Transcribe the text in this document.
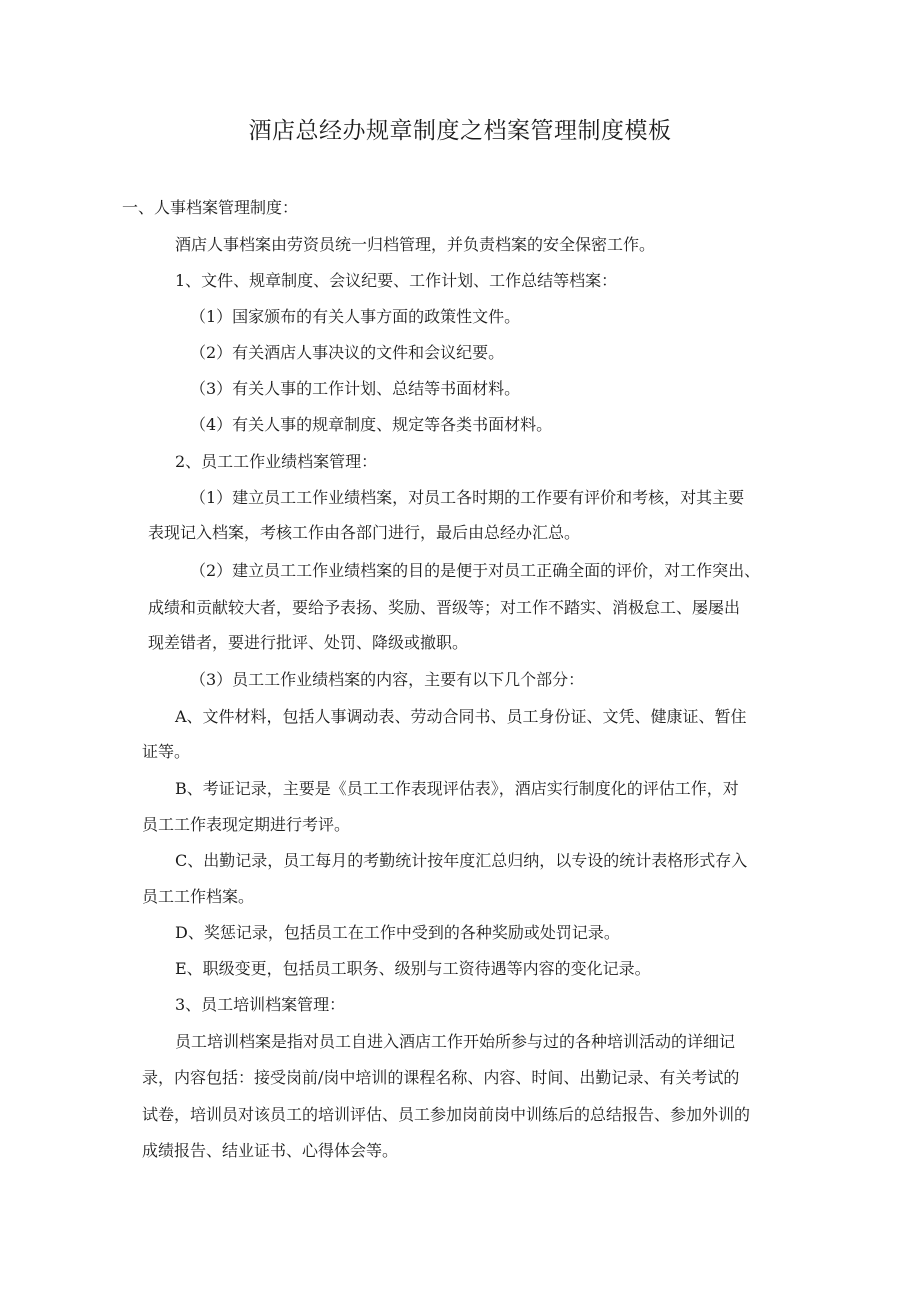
酒店总经办规章制度之档案管理制度模板
一、人事档案管理制度：
酒店人事档案由劳资员统一归档管理，并负责档案的安全保密工作。
1、文件、规章制度、会议纪要、工作计划、工作总结等档案：
（1）国家颁布的有关人事方面的政策性文件。
（2）有关酒店人事决议的文件和会议纪要。
（3）有关人事的工作计划、总结等书面材料。
（4）有关人事的规章制度、规定等各类书面材料。
2、员工工作业绩档案管理：
（1）建立员工工作业绩档案，对员工各时期的工作要有评价和考核，对其主要
表现记入档案，考核工作由各部门进行，最后由总经办汇总。
（2）建立员工工作业绩档案的目的是便于对员工正确全面的评价，对工作突出、
成绩和贡献较大者，要给予表扬、奖励、晋级等；对工作不踏实、消极怠工、屡屡出
现差错者，要进行批评、处罚、降级或撤职。
（3）员工工作业绩档案的内容，主要有以下几个部分：
A、文件材料，包括人事调动表、劳动合同书、员工身份证、文凭、健康证、暂住
证等。
B、考证记录，主要是《员工工作表现评估表》，酒店实行制度化的评估工作，对
员工工作表现定期进行考评。
C、出勤记录，员工每月的考勤统计按年度汇总归纳，以专设的统计表格形式存入
员工工作档案。
D、奖惩记录，包括员工在工作中受到的各种奖励或处罚记录。
E、职级变更，包括员工职务、级别与工资待遇等内容的变化记录。
3、员工培训档案管理：
员工培训档案是指对员工自进入酒店工作开始所参与过的各种培训活动的详细记
录，内容包括：接受岗前/岗中培训的课程名称、内容、时间、出勤记录、有关考试的
试卷，培训员对该员工的培训评估、员工参加岗前岗中训练后的总结报告、参加外训的
成绩报告、结业证书、心得体会等。
